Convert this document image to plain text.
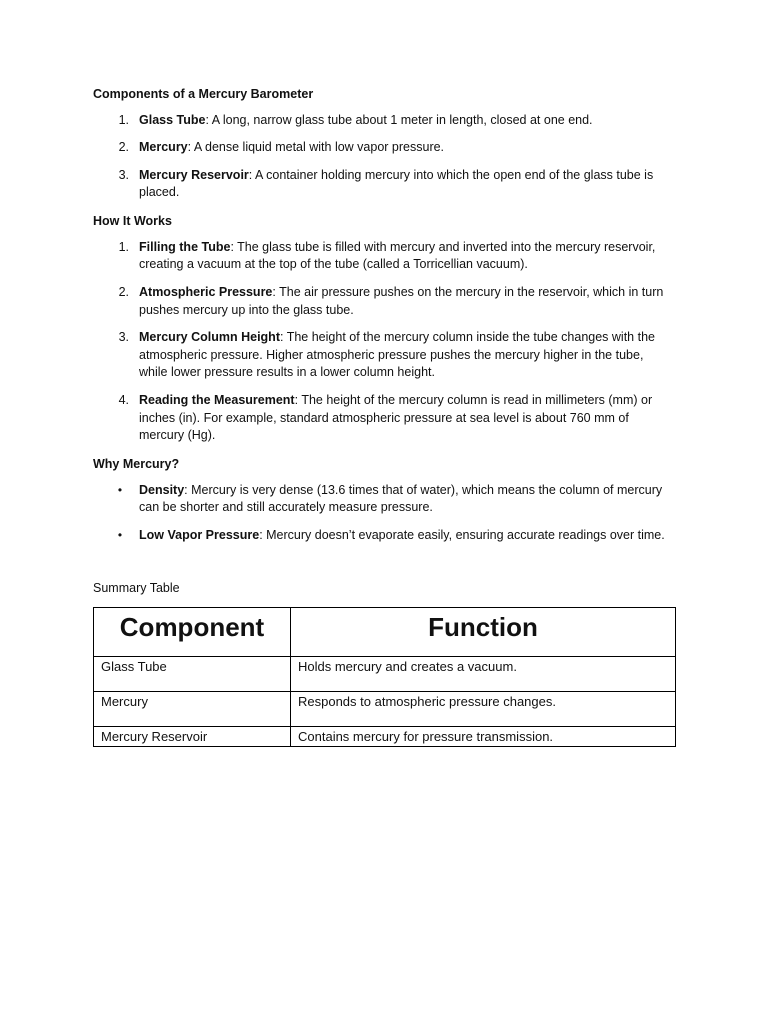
Components of a Mercury Barometer
1. Glass Tube: A long, narrow glass tube about 1 meter in length, closed at one end.
2. Mercury: A dense liquid metal with low vapor pressure.
3. Mercury Reservoir: A container holding mercury into which the open end of the glass tube is placed.
How It Works
1. Filling the Tube: The glass tube is filled with mercury and inverted into the mercury reservoir, creating a vacuum at the top of the tube (called a Torricellian vacuum).
2. Atmospheric Pressure: The air pressure pushes on the mercury in the reservoir, which in turn pushes mercury up into the glass tube.
3. Mercury Column Height: The height of the mercury column inside the tube changes with the atmospheric pressure. Higher atmospheric pressure pushes the mercury higher in the tube, while lower pressure results in a lower column height.
4. Reading the Measurement: The height of the mercury column is read in millimeters (mm) or inches (in). For example, standard atmospheric pressure at sea level is about 760 mm of mercury (Hg).
Why Mercury?
• Density: Mercury is very dense (13.6 times that of water), which means the column of mercury can be shorter and still accurately measure pressure.
• Low Vapor Pressure: Mercury doesn’t evaporate easily, ensuring accurate readings over time.
Summary Table
Component	Function
Glass Tube	Holds mercury and creates a vacuum.
Mercury	Responds to atmospheric pressure changes.
Mercury Reservoir	Contains mercury for pressure transmission.
